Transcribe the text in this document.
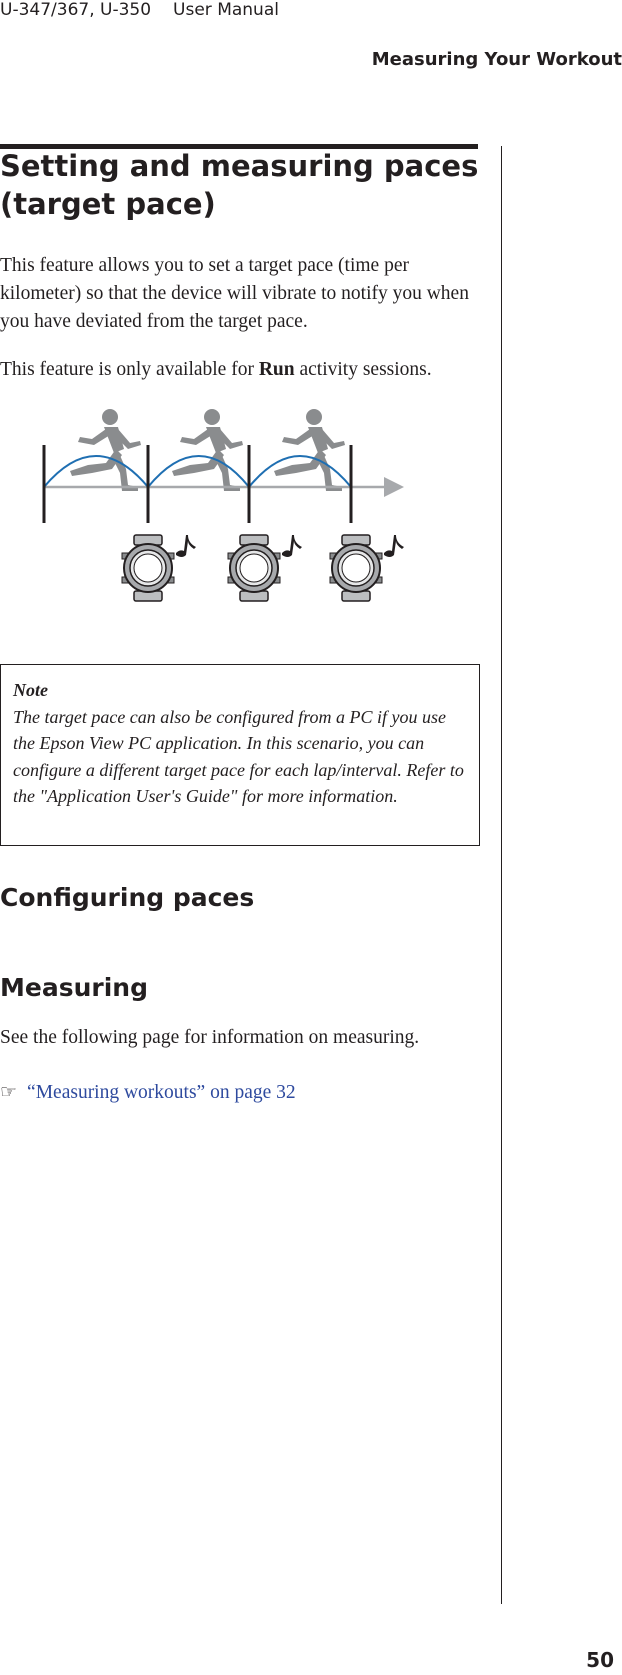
U-347/367, U-350 User Manual
Measuring Your Workout
Setting and measuring paces (target pace)

This feature allows you to set a target pace (time per kilometer) so that the device will vibrate to notify you when you have deviated from the target pace.

This feature is only available for Run activity sessions.

Note
The target pace can also be configured from a PC if you use the Epson View PC application. In this scenario, you can configure a different target pace for each lap/interval. Refer to the "Application User's Guide" for more information.
Configuring paces
Measuring

See the following page for information on measuring.

☞ “Measuring workouts” on page 32
50
